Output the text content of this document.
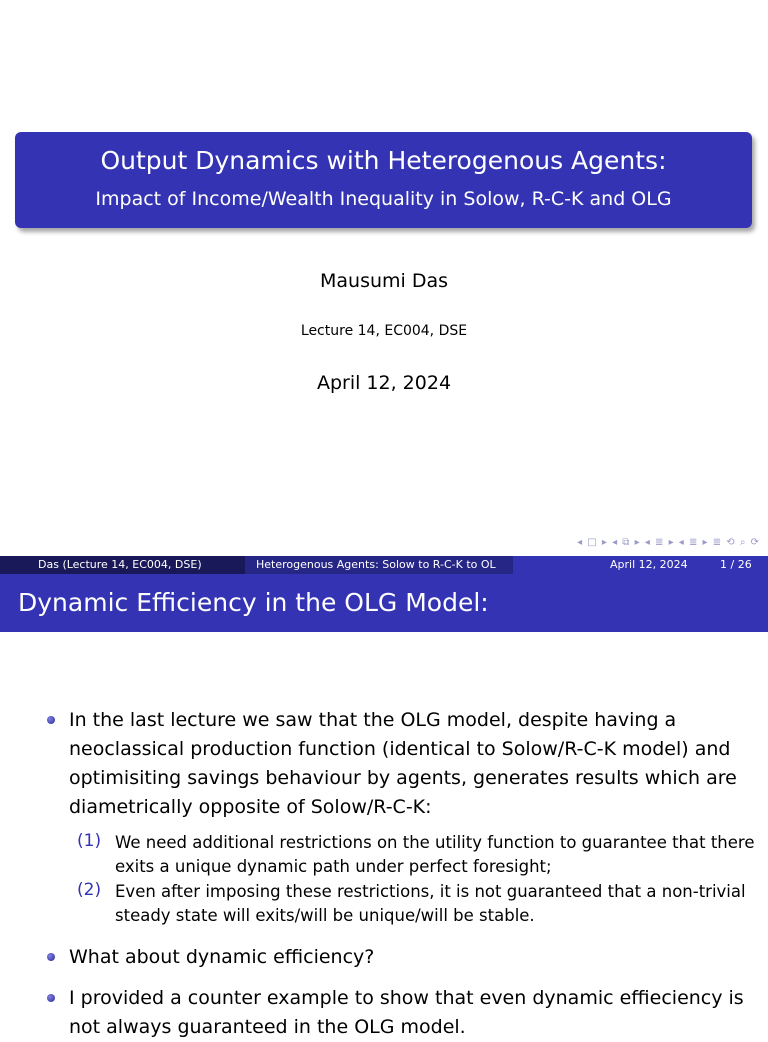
Output Dynamics with Heterogenous Agents:
Impact of Income/Wealth Inequality in Solow, R-C-K and OLG
Mausumi Das
Lecture 14, EC004, DSE
April 12, 2024
◂ □ ▸ ◂ ⧉ ▸ ◂ ≣ ▸ ◂ ≣ ▸ ≣ ⟲ ⌕ ⟳
Das (Lecture 14, EC004, DSE)	Heterogenous Agents: Solow to R-C-K to OL	April 12, 2024	1 / 26
Dynamic Efficiency in the OLG Model:
In the last lecture we saw that the OLG model, despite having a neoclassical production function (identical to Solow/R-C-K model) and optimisiting savings behaviour by agents, generates results which are diametrically opposite of Solow/R-C-K:
(1) We need additional restrictions on the utility function to guarantee that there exits a unique dynamic path under perfect foresight;
(2) Even after imposing these restrictions, it is not guaranteed that a non-trivial steady state will exits/will be unique/will be stable.
What about dynamic efficiency?
I provided a counter example to show that even dynamic effieciency is not always guaranteed in the OLG model.
